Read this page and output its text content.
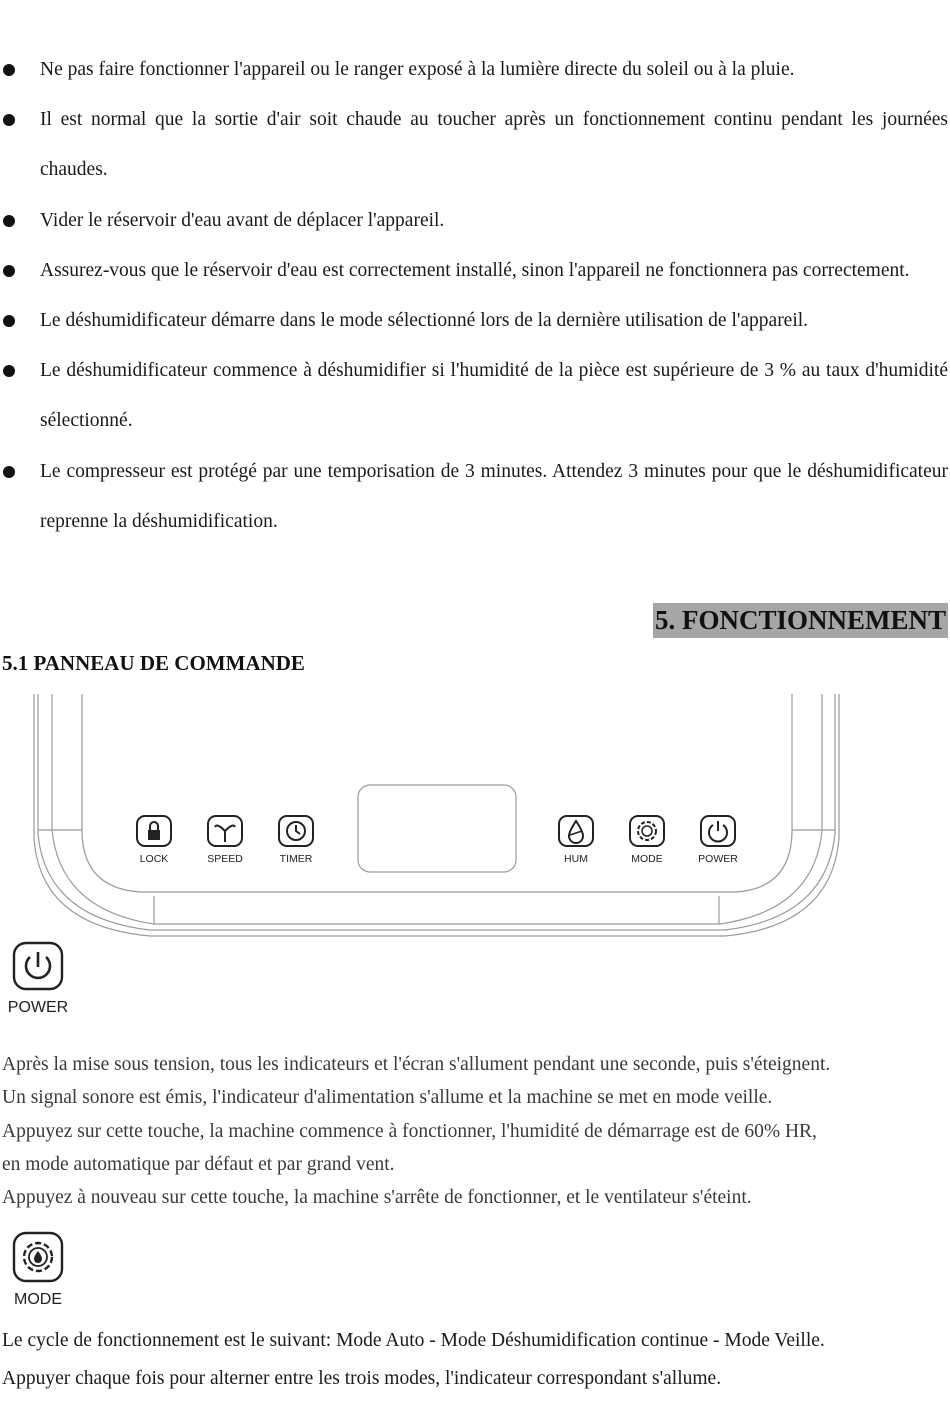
Ne pas faire fonctionner l'appareil ou le ranger exposé à la lumière directe du soleil ou à la pluie.
Il est normal que la sortie d'air soit chaude au toucher après un fonctionnement continu pendant les journées chaudes.
Vider le réservoir d'eau avant de déplacer l'appareil.
Assurez-vous que le réservoir d'eau est correctement installé, sinon l'appareil ne fonctionnera pas correctement.
Le déshumidificateur démarre dans le mode sélectionné lors de la dernière utilisation de l'appareil.
Le déshumidificateur commence à déshumidifier si l'humidité de la pièce est supérieure de 3 % au taux d'humidité sélectionné.
Le compresseur est protégé par une temporisation de 3 minutes. Attendez 3 minutes pour que le déshumidificateur reprenne la déshumidification.
5. FONCTIONNEMENT
5.1 PANNEAU DE COMMANDE
LOCK	SPEED	TIMER	HUM	MODE	POWER
POWER

Après la mise sous tension, tous les indicateurs et l'écran s'allument pendant une seconde, puis s'éteignent.

Un signal sonore est émis, l'indicateur d'alimentation s'allume et la machine se met en mode veille.

Appuyez sur cette touche, la machine commence à fonctionner, l'humidité de démarrage est de 60% HR,

en mode automatique par défaut et par grand vent.

Appuyez à nouveau sur cette touche, la machine s'arrête de fonctionner, et le ventilateur s'éteint.

MODE

Le cycle de fonctionnement est le suivant: Mode Auto - Mode Déshumidification continue - Mode Veille.

Appuyer chaque fois pour alterner entre les trois modes, l'indicateur correspondant s'allume.
